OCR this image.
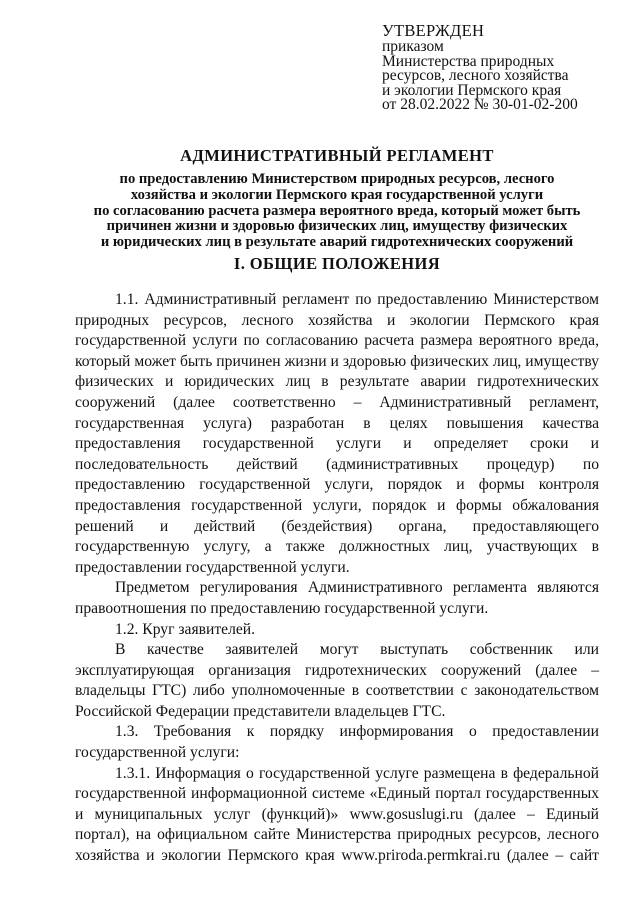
УТВЕРЖДЕН
приказом
Министерства природных
ресурсов, лесного хозяйства
и экологии Пермского края
от 28.02.2022 № 30-01-02-200
АДМИНИСТРАТИВНЫЙ РЕГЛАМЕНТ
по предоставлению Министерством природных ресурсов, лесного
хозяйства и экологии Пермского края государственной услуги
по согласованию расчета размера вероятного вреда, который может быть
причинен жизни и здоровью физических лиц, имуществу физических
и юридических лиц в результате аварий гидротехнических сооружений
I. ОБЩИЕ ПОЛОЖЕНИЯ

1.1. Административный регламент по предоставлению Министерством природных ресурсов, лесного хозяйства и экологии Пермского края государственной услуги по согласованию расчета размера вероятного вреда, который может быть причинен жизни и здоровью физических лиц, имуществу физических и юридических лиц в результате аварии гидротехнических сооружений (далее соответственно – Административный регламент, государственная услуга) разработан в целях повышения качества предоставления государственной услуги и определяет сроки и последовательность действий (административных процедур) по предоставлению государственной услуги, порядок и формы контроля предоставления государственной услуги, порядок и формы обжалования решений и действий (бездействия) органа, предоставляющего государственную услугу, а также должностных лиц, участвующих в предоставлении государственной услуги.

Предметом регулирования Административного регламента являются правоотношения по предоставлению государственной услуги.

1.2. Круг заявителей.

В качестве заявителей могут выступать собственник или эксплуатирующая организация гидротехнических сооружений (далее – владельцы ГТС) либо уполномоченные в соответствии с законодательством Российской Федерации представители владельцев ГТС.

1.3. Требования к порядку информирования о предоставлении государственной услуги:

1.3.1. Информация о государственной услуге размещена в федеральной государственной информационной системе «Единый портал государственных и муниципальных услуг (функций)» www.gosuslugi.ru (далее – Единый портал), на официальном сайте Министерства природных ресурсов, лесного хозяйства и экологии Пермского края www.priroda.permkrai.ru (далее – сайт
